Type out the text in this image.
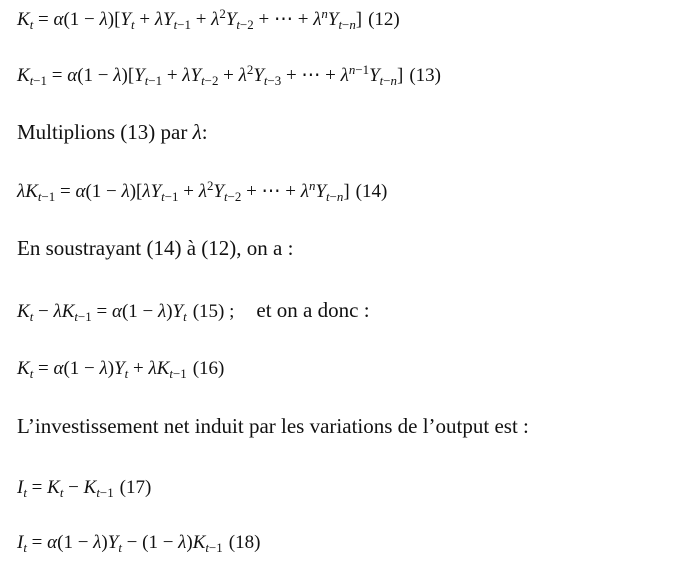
$K_t = \alpha(1 - \lambda)[Y_t + \lambda Y_{t-1} + \lambda^2Y_{t-2}$ + ⋯ + $\lambda^nY_{t-n}$] (12)
$K_{t-1} = \alpha(1 - \lambda)[Y_{t-1} + \lambda Y_{t-2} + \lambda^2Y_{t-3}$ + ⋯ + $\lambda^{n-1}Y_{t-n}$] (13)
Multiplions (13) par λ:
$\lambda K_{t-1} = \alpha(1 - \lambda)[\lambda Y_{t-1} + \lambda^2Y_{t-2}$ + ⋯ + $\lambda^nY_{t-n}$] (14)
En soustrayant (14) à (12), on a :
$K_t - \lambda K_{t-1} = \alpha(1 - \lambda)Y_t$ (15) ; et on a donc :
$K_t = \alpha(1 - \lambda)Y_t + \lambda K_{t-1}$ (16)
L’investissement net induit par les variations de l’output est :
$I_t = K_t - K_{t-1}$ (17)
$I_t = \alpha(1 - \lambda)Y_t - (1 - \lambda)K_{t-1}$ (18)
